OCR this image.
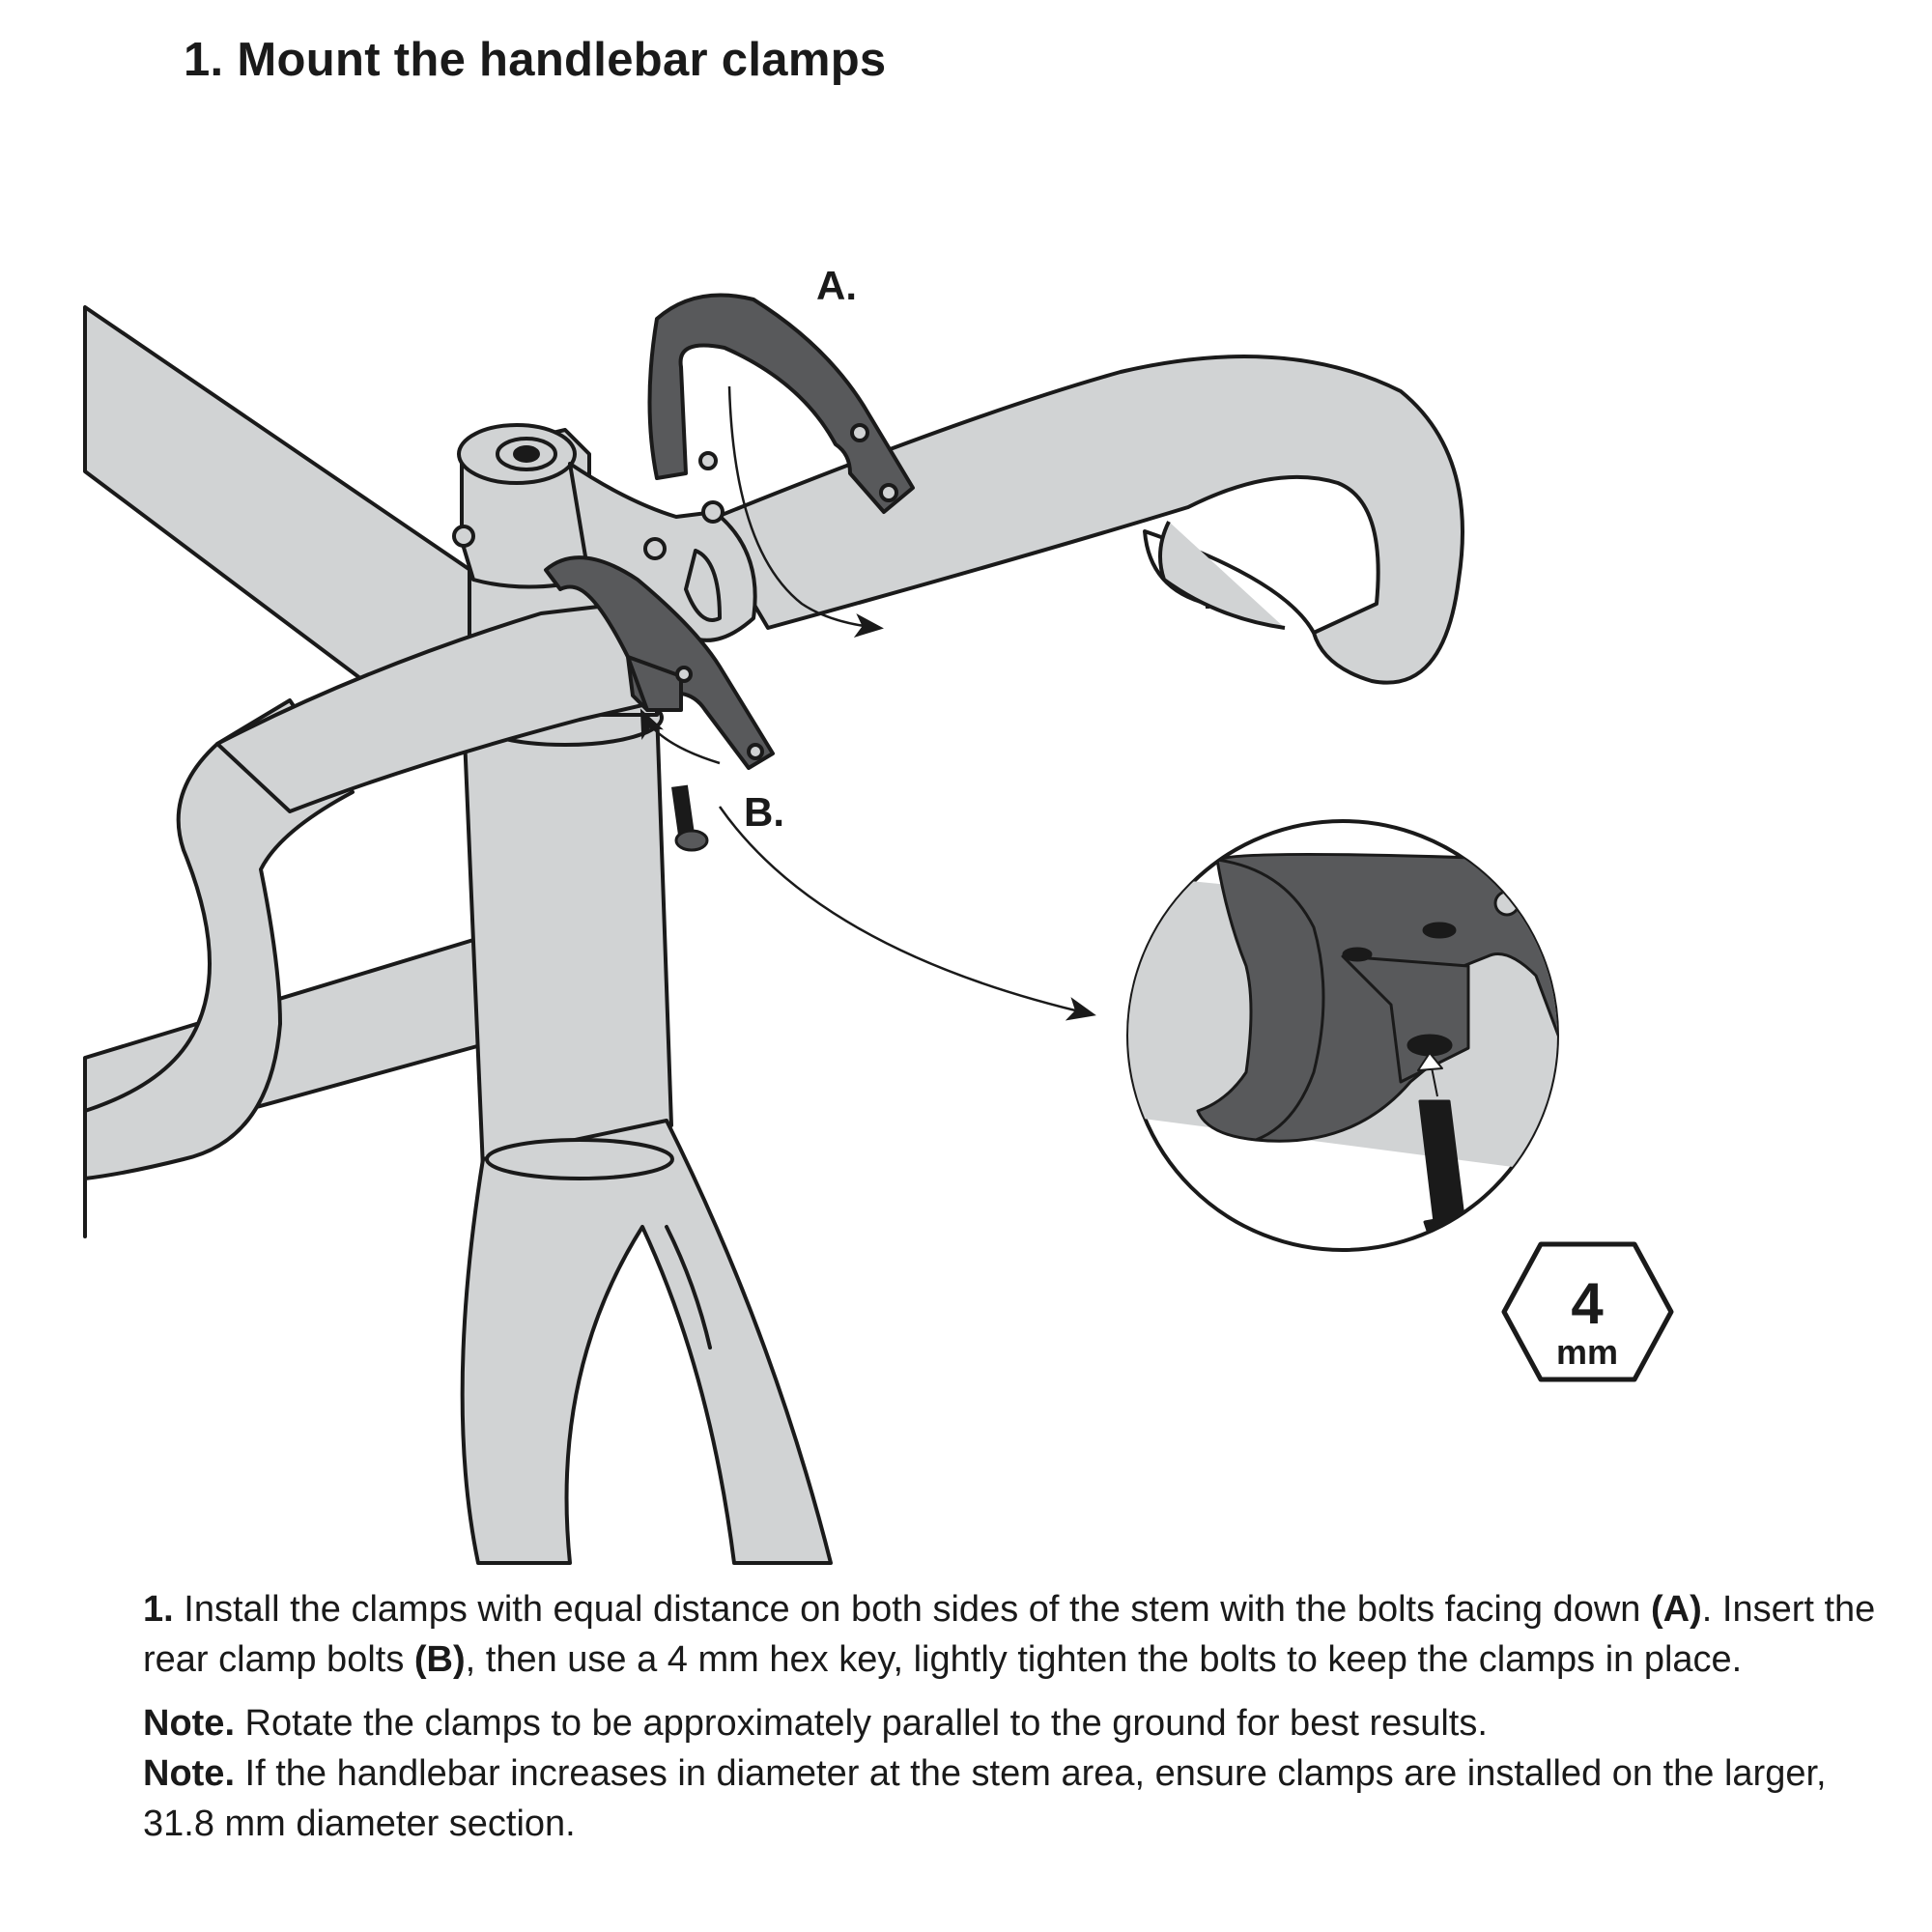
1. Mount the handlebar clamps
A.
B.
4
mm

1. Install the clamps with equal distance on both sides of the stem with the bolts facing down (A). Insert the rear clamp bolts (B), then use a 4 mm hex key, lightly tighten the bolts to keep the clamps in place.

Note. Rotate the clamps to be approximately parallel to the ground for best results.

Note. If the handlebar increases in diameter at the stem area, ensure clamps are installed on the larger, 31.8 mm diameter section.
